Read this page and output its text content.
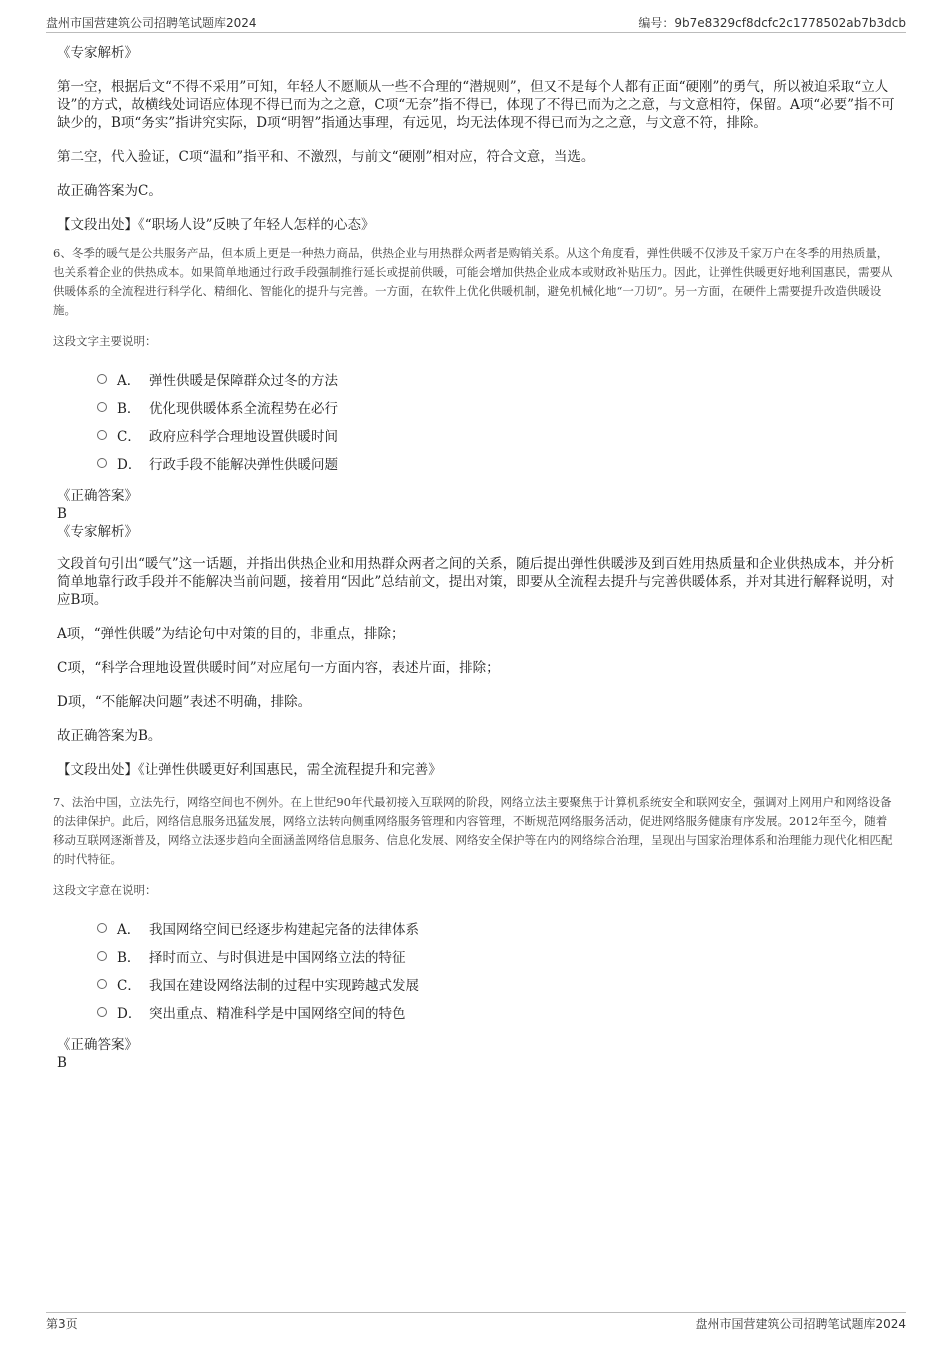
盘州市国营建筑公司招聘笔试题库2024	编号：9b7e8329cf8dcfc2c1778502ab7b3dcb

《专家解析》

第一空，根据后文“不得不采用”可知，年轻人不愿顺从一些不合理的“潜规则”，但又不是每个人都有正面“硬刚”的勇气，所以被迫采取“立人设”的方式，故横线处词语应体现不得已而为之之意，C项“无奈”指不得已，体现了不得已而为之之意，与文意相符，保留。A项“必要”指不可缺少的，B项“务实”指讲究实际，D项“明智”指通达事理，有远见，均无法体现不得已而为之之意，与文意不符，排除。

第二空，代入验证，C项“温和”指平和、不激烈，与前文“硬刚”相对应，符合文意，当选。

故正确答案为C。

【文段出处】《“职场人设”反映了年轻人怎样的心态》

6、冬季的暖气是公共服务产品，但本质上更是一种热力商品，供热企业与用热群众两者是购销关系。从这个角度看，弹性供暖不仅涉及千家万户在冬季的用热质量，也关系着企业的供热成本。如果简单地通过行政手段强制推行延长或提前供暖，可能会增加供热企业成本或财政补贴压力。因此，让弹性供暖更好地利国惠民，需要从供暖体系的全流程进行科学化、精细化、智能化的提升与完善。一方面，在软件上优化供暖机制，避免机械化地“一刀切”。另一方面，在硬件上需要提升改造供暖设施。

这段文字主要说明：

A． 弹性供暖是保障群众过冬的方法
B． 优化现供暖体系全流程势在必行
C． 政府应科学合理地设置供暖时间
D． 行政手段不能解决弹性供暖问题

《正确答案》

B

《专家解析》

文段首句引出“暖气”这一话题，并指出供热企业和用热群众两者之间的关系，随后提出弹性供暖涉及到百姓用热质量和企业供热成本，并分析简单地靠行政手段并不能解决当前问题，接着用“因此”总结前文，提出对策，即要从全流程去提升与完善供暖体系，并对其进行解释说明，对应B项。

A项，“弹性供暖”为结论句中对策的目的，非重点，排除；

C项，“科学合理地设置供暖时间”对应尾句一方面内容，表述片面，排除；

D项，“不能解决问题”表述不明确，排除。

故正确答案为B。

【文段出处】《让弹性供暖更好利国惠民，需全流程提升和完善》

7、法治中国，立法先行，网络空间也不例外。在上世纪90年代最初接入互联网的阶段，网络立法主要聚焦于计算机系统安全和联网安全，强调对上网用户和网络设备的法律保护。此后，网络信息服务迅猛发展，网络立法转向侧重网络服务管理和内容管理，不断规范网络服务活动，促进网络服务健康有序发展。2012年至今，随着移动互联网逐渐普及，网络立法逐步趋向全面涵盖网络信息服务、信息化发展、网络安全保护等在内的网络综合治理，呈现出与国家治理体系和治理能力现代化相匹配的时代特征。

这段文字意在说明：

A． 我国网络空间已经逐步构建起完备的法律体系
B． 择时而立、与时俱进是中国网络立法的特征
C． 我国在建设网络法制的过程中实现跨越式发展
D． 突出重点、精准科学是中国网络空间的特色

《正确答案》

B

第3页	盘州市国营建筑公司招聘笔试题库2024
